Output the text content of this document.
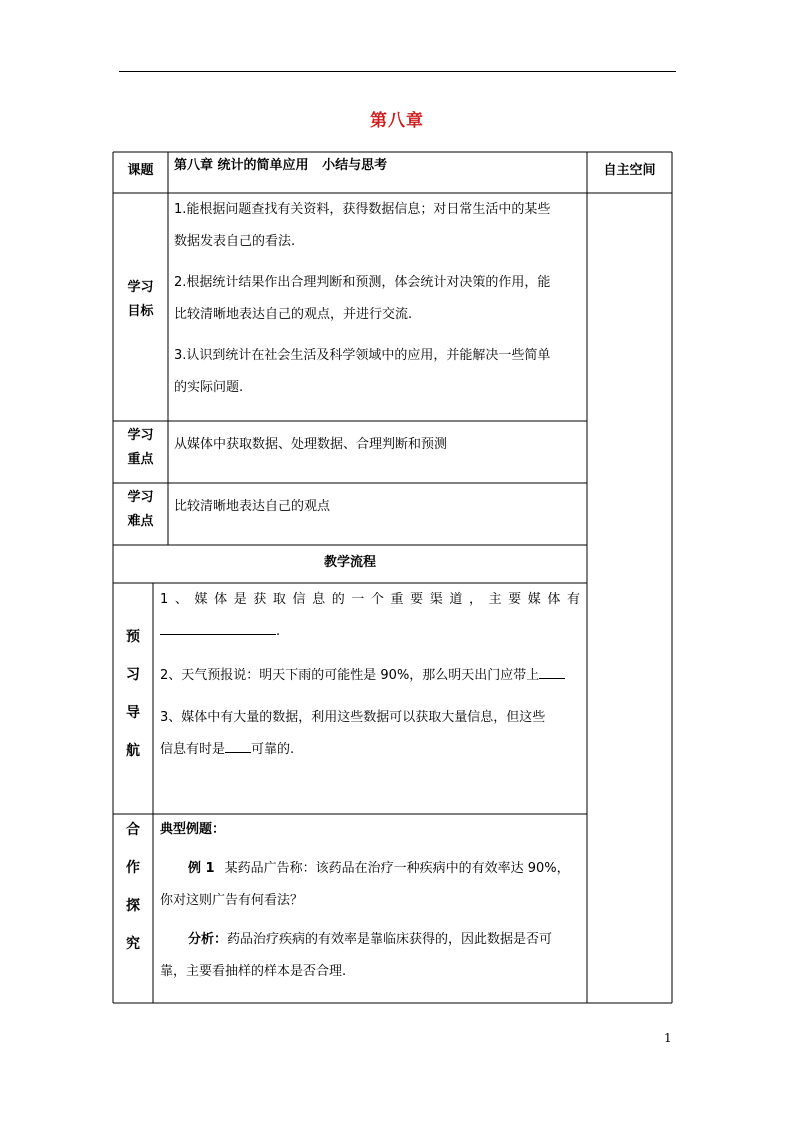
第八章
课题	第八章 统计的简单应用   小结与思考	自主空间
学习
目标
1.能根据问题查找有关资料，获得数据信息；对日常生活中的某些
数据发表自己的看法.
2.根据统计结果作出合理判断和预测，体会统计对决策的作用，能
比较清晰地表达自己的观点，并进行交流.
3.认识到统计在社会生活及科学领域中的应用，并能解决一些简单
的实际问题.
学习
重点
从媒体中获取数据、处理数据、合理判断和预测
学习
难点
比较清晰地表达自己的观点
教学流程
预
习
导
航
1、媒体是获取信息的一个重要渠道，主要媒体有
.
2、天气预报说：明天下雨的可能性是 90%，那么明天出门应带上
3、媒体中有大量的数据，利用这些数据可以获取大量信息，但这些
信息有时是 可靠的.
合
作
探
究
典型例题：
例 1 某药品广告称：该药品在治疗一种疾病中的有效率达 90%，
你对这则广告有何看法？
分析：药品治疗疾病的有效率是靠临床获得的，因此数据是否可
靠，主要看抽样的样本是否合理.
1
